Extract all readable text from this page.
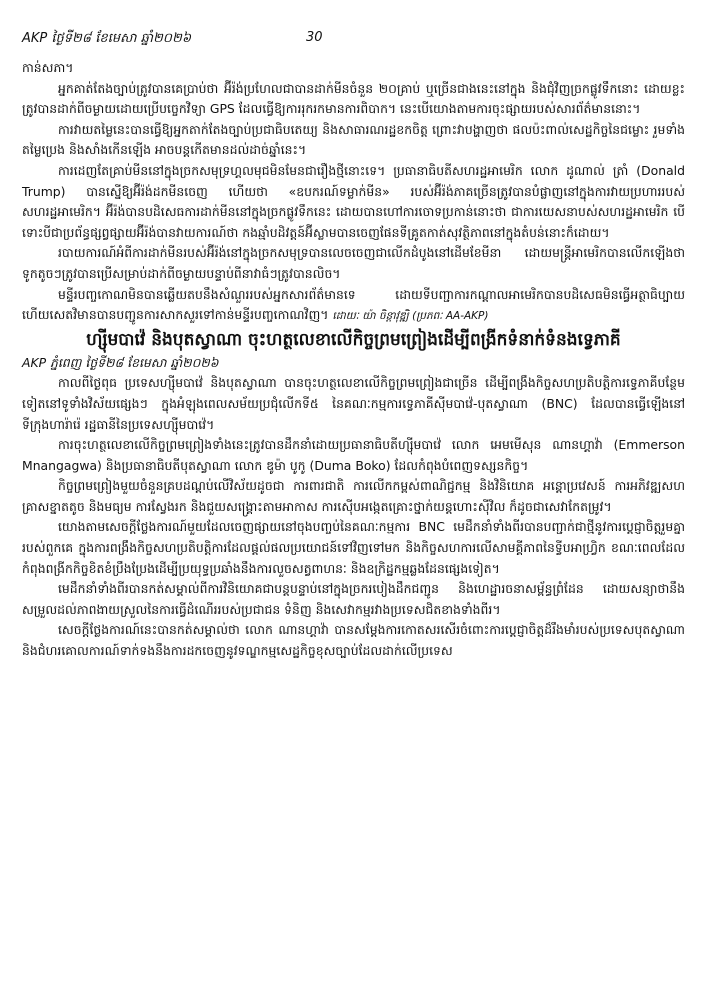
AKP ថ្ងៃទី២៨ ខែមេសា ឆ្នាំ២០២៦	30

កាន់សភា។

អ្នកគាត់តែងច្បាប់ត្រូវបានគេប្រាប់ថា អ៊ីរ៉ង់ប្រហែលជាបានដាក់មីនចំនួន ២០គ្រាប់ ឬច្រើនជាងនេះនៅក្នុង និងជុំវិញច្រកផ្លូវទឹកនោះ ដោយខ្លះត្រូវបានដាក់ពីចម្ងាយដោយប្រើបច្ចេកវិទ្យា GPS ដែលធ្វើឱ្យការរុករកមានការពិបាក។ នេះបើយោងតាមការចុះផ្សាយរបស់សារព័ត៌មាននោះ។

ការវាយតម្លៃនេះបានធ្វើឱ្យអ្នកតាក់តែងច្បាប់ប្រជាធិបតេយ្យ និងសាធារណរដ្ឋខកចិត្ត ព្រោះវាបង្ហាញថា ផលប៉ះពាល់សេដ្ឋកិច្ចនៃជម្លោះ រួមទាំងតម្លៃប្រេង និងសាំងកើនឡើង អាចបន្តកើតមានដល់ដាច់ឆ្នាំនេះ។

ការដេញតែគ្រាប់មីននៅក្នុងច្រកសមុទ្រហ្គលមុជមិនមែនជារឿងថ្មីនោះទេ។ ប្រធានាធិបតីសហរដ្ឋអាមេរិក លោក ដូណាល់ ត្រាំ (Donald Trump) បានស្នើឱ្យអ៊ីរ៉ង់ដកមីនចេញ ហើយថា «ឧបករណ៍ទម្លាក់មីន» របស់អ៊ីរ៉ង់ភាគច្រើនត្រូវបានបំផ្លាញនៅក្នុងការវាយប្រហាររបស់សហរដ្ឋអាមេរិក។ អ៊ីរ៉ង់បានបដិសេធការដាក់មីននៅក្នុងច្រកផ្លូវទឹកនេះ ដោយបានហៅការចោទប្រកាន់នោះថា ជាការយេសនាបស់សហរដ្ឋអាមេរិក បើទោះបីជាប្រព័ន្ធផ្សព្វផ្សាយអ៊ីរ៉ង់បានវាយការណ៍ថា កងឆ្មាំបដិវត្តន៍អ៊ីស្លាមបានចេញផែនទីគ្រូតកាត់សុវត្ថិភាពនៅក្នុងតំបន់នោះក៏ដោយ។

របាយការណ៍អំពីការដាក់មីនរបស់អ៊ីរ៉ង់នៅក្នុងច្រកសមុទ្របានលេចចេញជាលើកដំបូងនៅដើមខែមីនា ដោយមន្ត្រីអាមេរិកបានលើកឡើងថា ទូកតូចៗត្រូវបានប្រើសម្រាប់ដាក់ពីចម្ងាយបន្ទាប់ពីនាវាធំៗត្រូវបានលិច។

មន្ទីរបញ្ចកោណមិនបានឆ្លើយតបនឹងសំណួររបស់អ្នកសារព័ត៌មានទេ ដោយទីបញ្ជាការកណ្តាលអាមេរិកបានបដិសេធមិនធ្វើអត្ថាធិប្បាយ ហើយសេតវិមានបានបញ្ជូនការសាកសួរទៅកាន់មន្ទីរបញ្ចកោណវិញ។ ដោយៈ យ៉ា ចិន្តាវុឌ្ឍិ (ប្រភពៈ AA-AKP)

ហ្ស៊ីមបាវ៉េ និងបុតស្វាណា ចុះហត្ថលេខាលើកិច្ចព្រមព្រៀងដើម្បីពង្រីកទំនាក់ទំនងទ្វេភាគី

AKP ភ្នំពេញ ថ្ងៃទី២៨ ខែមេសា ឆ្នាំ២០២៦

កាលពីថ្ងៃពុធ ប្រទេសហ្ស៊ីមបាវ៉េ និងបុតស្វាណា បានចុះហត្ថលេខាលើកិច្ចព្រមព្រៀងជាច្រើន ដើម្បីពង្រឹងកិច្ចសហប្រតិបត្តិការទ្វេភាគីបន្ថែមទៀតនៅទូទាំងវិស័យផ្សេងៗ ក្នុងអំឡុងពេលសម័យប្រជុំលើកទី៥ នៃគណៈកម្មការទ្វេភាគីស៊ីមបាវ៉េ-បុតស្វាណា (BNC) ដែលបានធ្វើឡើងនៅទីក្រុងហារ៉ារ៉េ រដ្ឋធានីនៃប្រទេសហ្ស៊ីមបាវ៉េ។

ការចុះហត្ថលេខាលើកិច្ចព្រមព្រៀងទាំងនេះត្រូវបានដឹកនាំដោយប្រធានាធិបតីហ្ស៊ីមបាវ៉េ លោក អេមមើសុន ណានហ្គាវ៉ា (Emmerson Mnangagwa) និងប្រធានាធិបតីបុតស្វាណា លោក ឌូម៉ា បូកូ (Duma Boko) ដែលកំពុងបំពេញទស្សនកិច្ច។

កិច្ចព្រមព្រៀងមួយចំនួនគ្របដណ្តប់លើវិស័យដូចជា ការពារជាតិ ការលើកកម្ពស់ពាណិជ្ជកម្ម និងវិនិយោគ អន្តោប្រវេសន៍ ការអភិវឌ្ឍសហគ្រាសខ្នាតតូច និងមធ្យម ការស្វែងរក និងជួយសង្គ្រោះតាមអាកាស ការស៊ើបអង្កេតគ្រោះថ្នាក់យន្តហោះស៊ីវិល ក៏ដូចជាសេវាកែតម្រូវ។

យោងតាមសេចក្តីថ្លែងការណ៍មួយដែលចេញផ្សាយនៅចុងបញ្ចប់នៃគណៈកម្មការ BNC មេដឹកនាំទាំងពីរបានបញ្ជាក់ជាថ្មីនូវការប្តេជ្ញាចិត្តរួមគ្នារបស់ពួកគេ ក្នុងការពង្រឹងកិច្ចសហប្រតិបត្តិការដែលផ្តល់ផលប្រយោជន៍ទៅវិញទៅមក និងកិច្ចសហការលើសាមគ្គីភាពនៃទ្វីបអាហ្វ្រិក ខណៈពេលដែលកំពុងពង្រីកកិច្ចខិតខំប្រឹងប្រែងដើម្បីប្រយុទ្ធប្រឆាំងនឹងការលួចសត្វពាហនៈ និងឧក្រិដ្ឋកម្មឆ្លងដែនផ្សេងទៀត។

មេដឹកនាំទាំងពីរបានកត់សម្គាល់ពីការវិនិយោគជាបន្តបន្ទាប់នៅក្នុងច្រករបៀងដឹកជញ្ជូន និងហេដ្ឋារចនាសម្ព័ន្ធព្រំដែន ដោយសន្យាថានឹងសម្រួលដល់ភាពងាយស្រួលនៃការធ្វើដំណើររបស់ប្រជាជន ទំនិញ និងសេវាកម្មរវាងប្រទេសជិតខាងទាំងពីរ។

សេចក្តីថ្លែងការណ៍នេះបានកត់សម្គាល់ថា លោក ណានហ្គាវ៉ា បានសម្តែងការកោតសរសើរចំពោះការប្តេជ្ញាចិត្តដ៏រឹងមាំរបស់ប្រទេសបុតស្វាណា និងជំហរគោលការណ៍ទាក់ទងនឹងការដកចេញនូវទណ្ឌកម្មសេដ្ឋកិច្ចខុសច្បាប់ដែលដាក់លើប្រទេស
